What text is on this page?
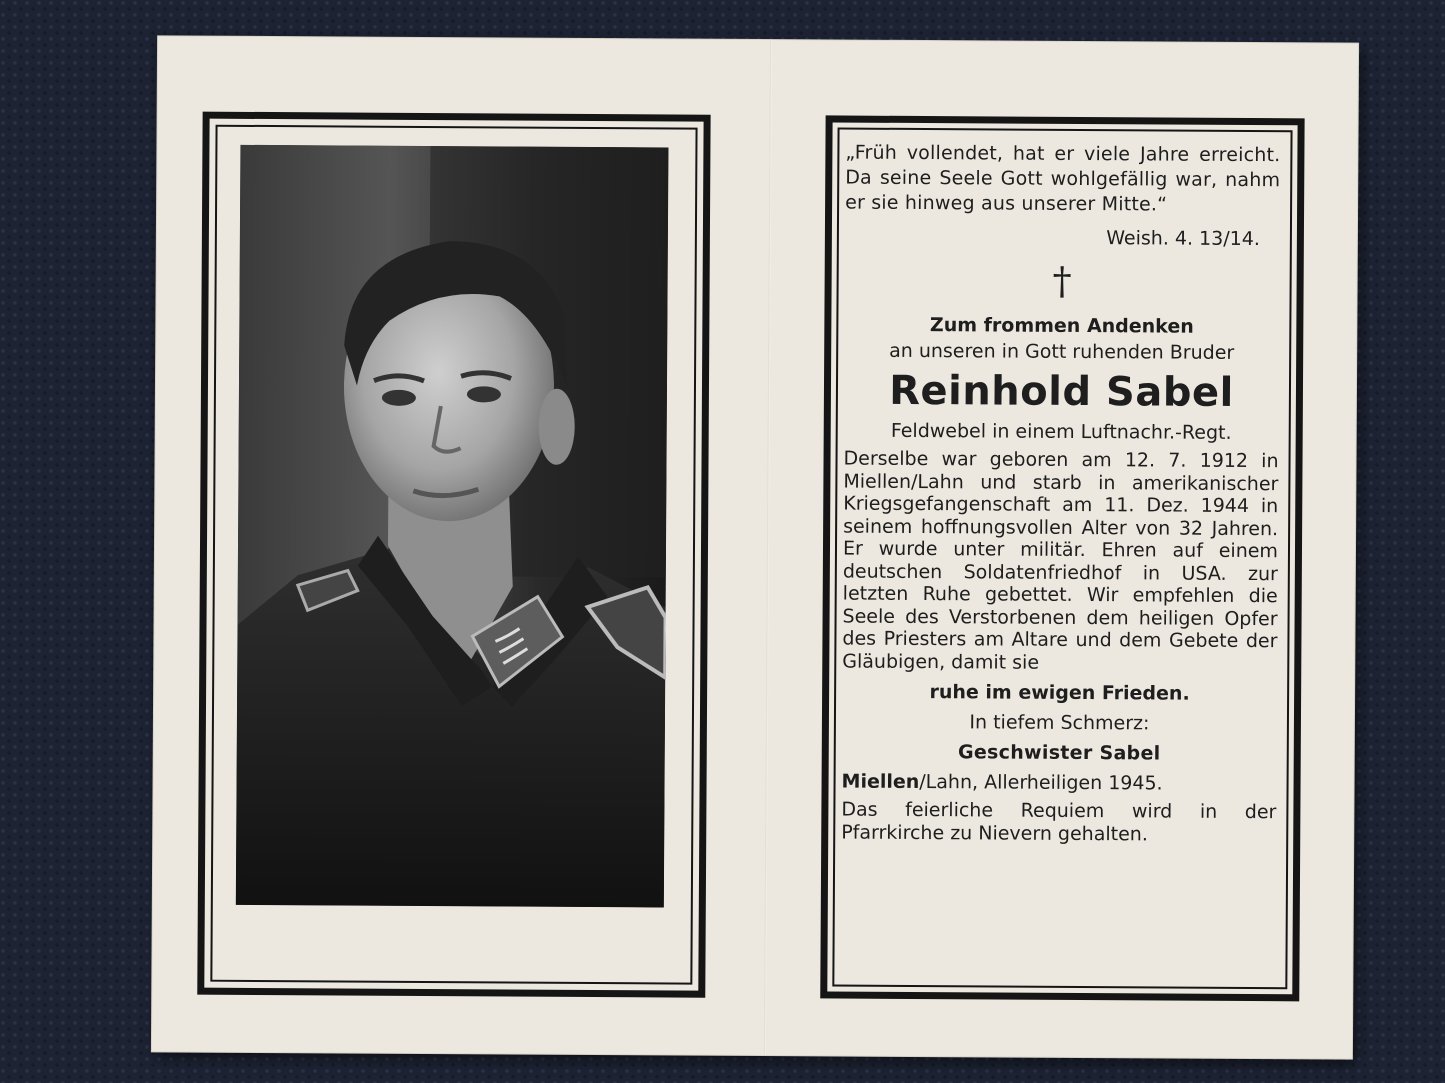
„Früh vollendet, hat er viele Jahre erreicht. Da seine Seele Gott wohlgefällig war, nahm er sie hinweg aus unserer Mitte.“
Weish. 4. 13/14.
†
Zum frommen Andenken
an unseren in Gott ruhenden Bruder
Reinhold Sabel
Feldwebel in einem Luftnachr.-Regt.
Derselbe war geboren am 12. 7. 1912 in Miellen/Lahn und starb in amerikanischer Kriegsgefangenschaft am 11. Dez. 1944 in seinem hoffnungsvollen Alter von 32 Jahren. Er wurde unter militär. Ehren auf einem deutschen Soldatenfriedhof in USA. zur letzten Ruhe gebettet. Wir empfehlen die Seele des Verstorbenen dem heiligen Opfer des Priesters am Altare und dem Gebete der Gläubigen, damit sie
ruhe im ewigen Frieden.
In tiefem Schmerz:
Geschwister Sabel
Miellen/Lahn, Allerheiligen 1945.
Das feierliche Requiem wird in der Pfarrkirche zu Nievern gehalten.
